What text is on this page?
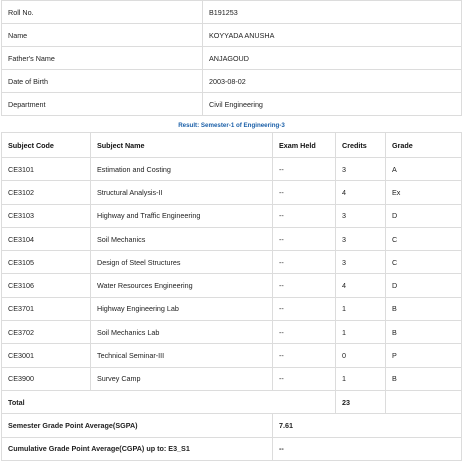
Roll No.	B191253
Name	KOYYADA ANUSHA
Father's Name	ANJAGOUD
Date of Birth	2003-08-02
Department	Civil Engineering
Result: Semester-1 of Engineering-3
Subject Code	Subject Name	Exam Held	Credits	Grade
CE3101	Estimation and Costing	--	3	A
CE3102	Structural Analysis-II	--	4	Ex
CE3103	Highway and Traffic Engineering	--	3	D
CE3104	Soil Mechanics	--	3	C
CE3105	Design of Steel Structures	--	3	C
CE3106	Water Resources Engineering	--	4	D
CE3701	Highway Engineering Lab	--	1	B
CE3702	Soil Mechanics Lab	--	1	B
CE3001	Technical Seminar-III	--	0	P
CE3900	Survey Camp	--	1	B
Total			23	
Semester Grade Point Average(SGPA)		7.61		
Cumulative Grade Point Average(CGPA) up to: E3_S1		--		
